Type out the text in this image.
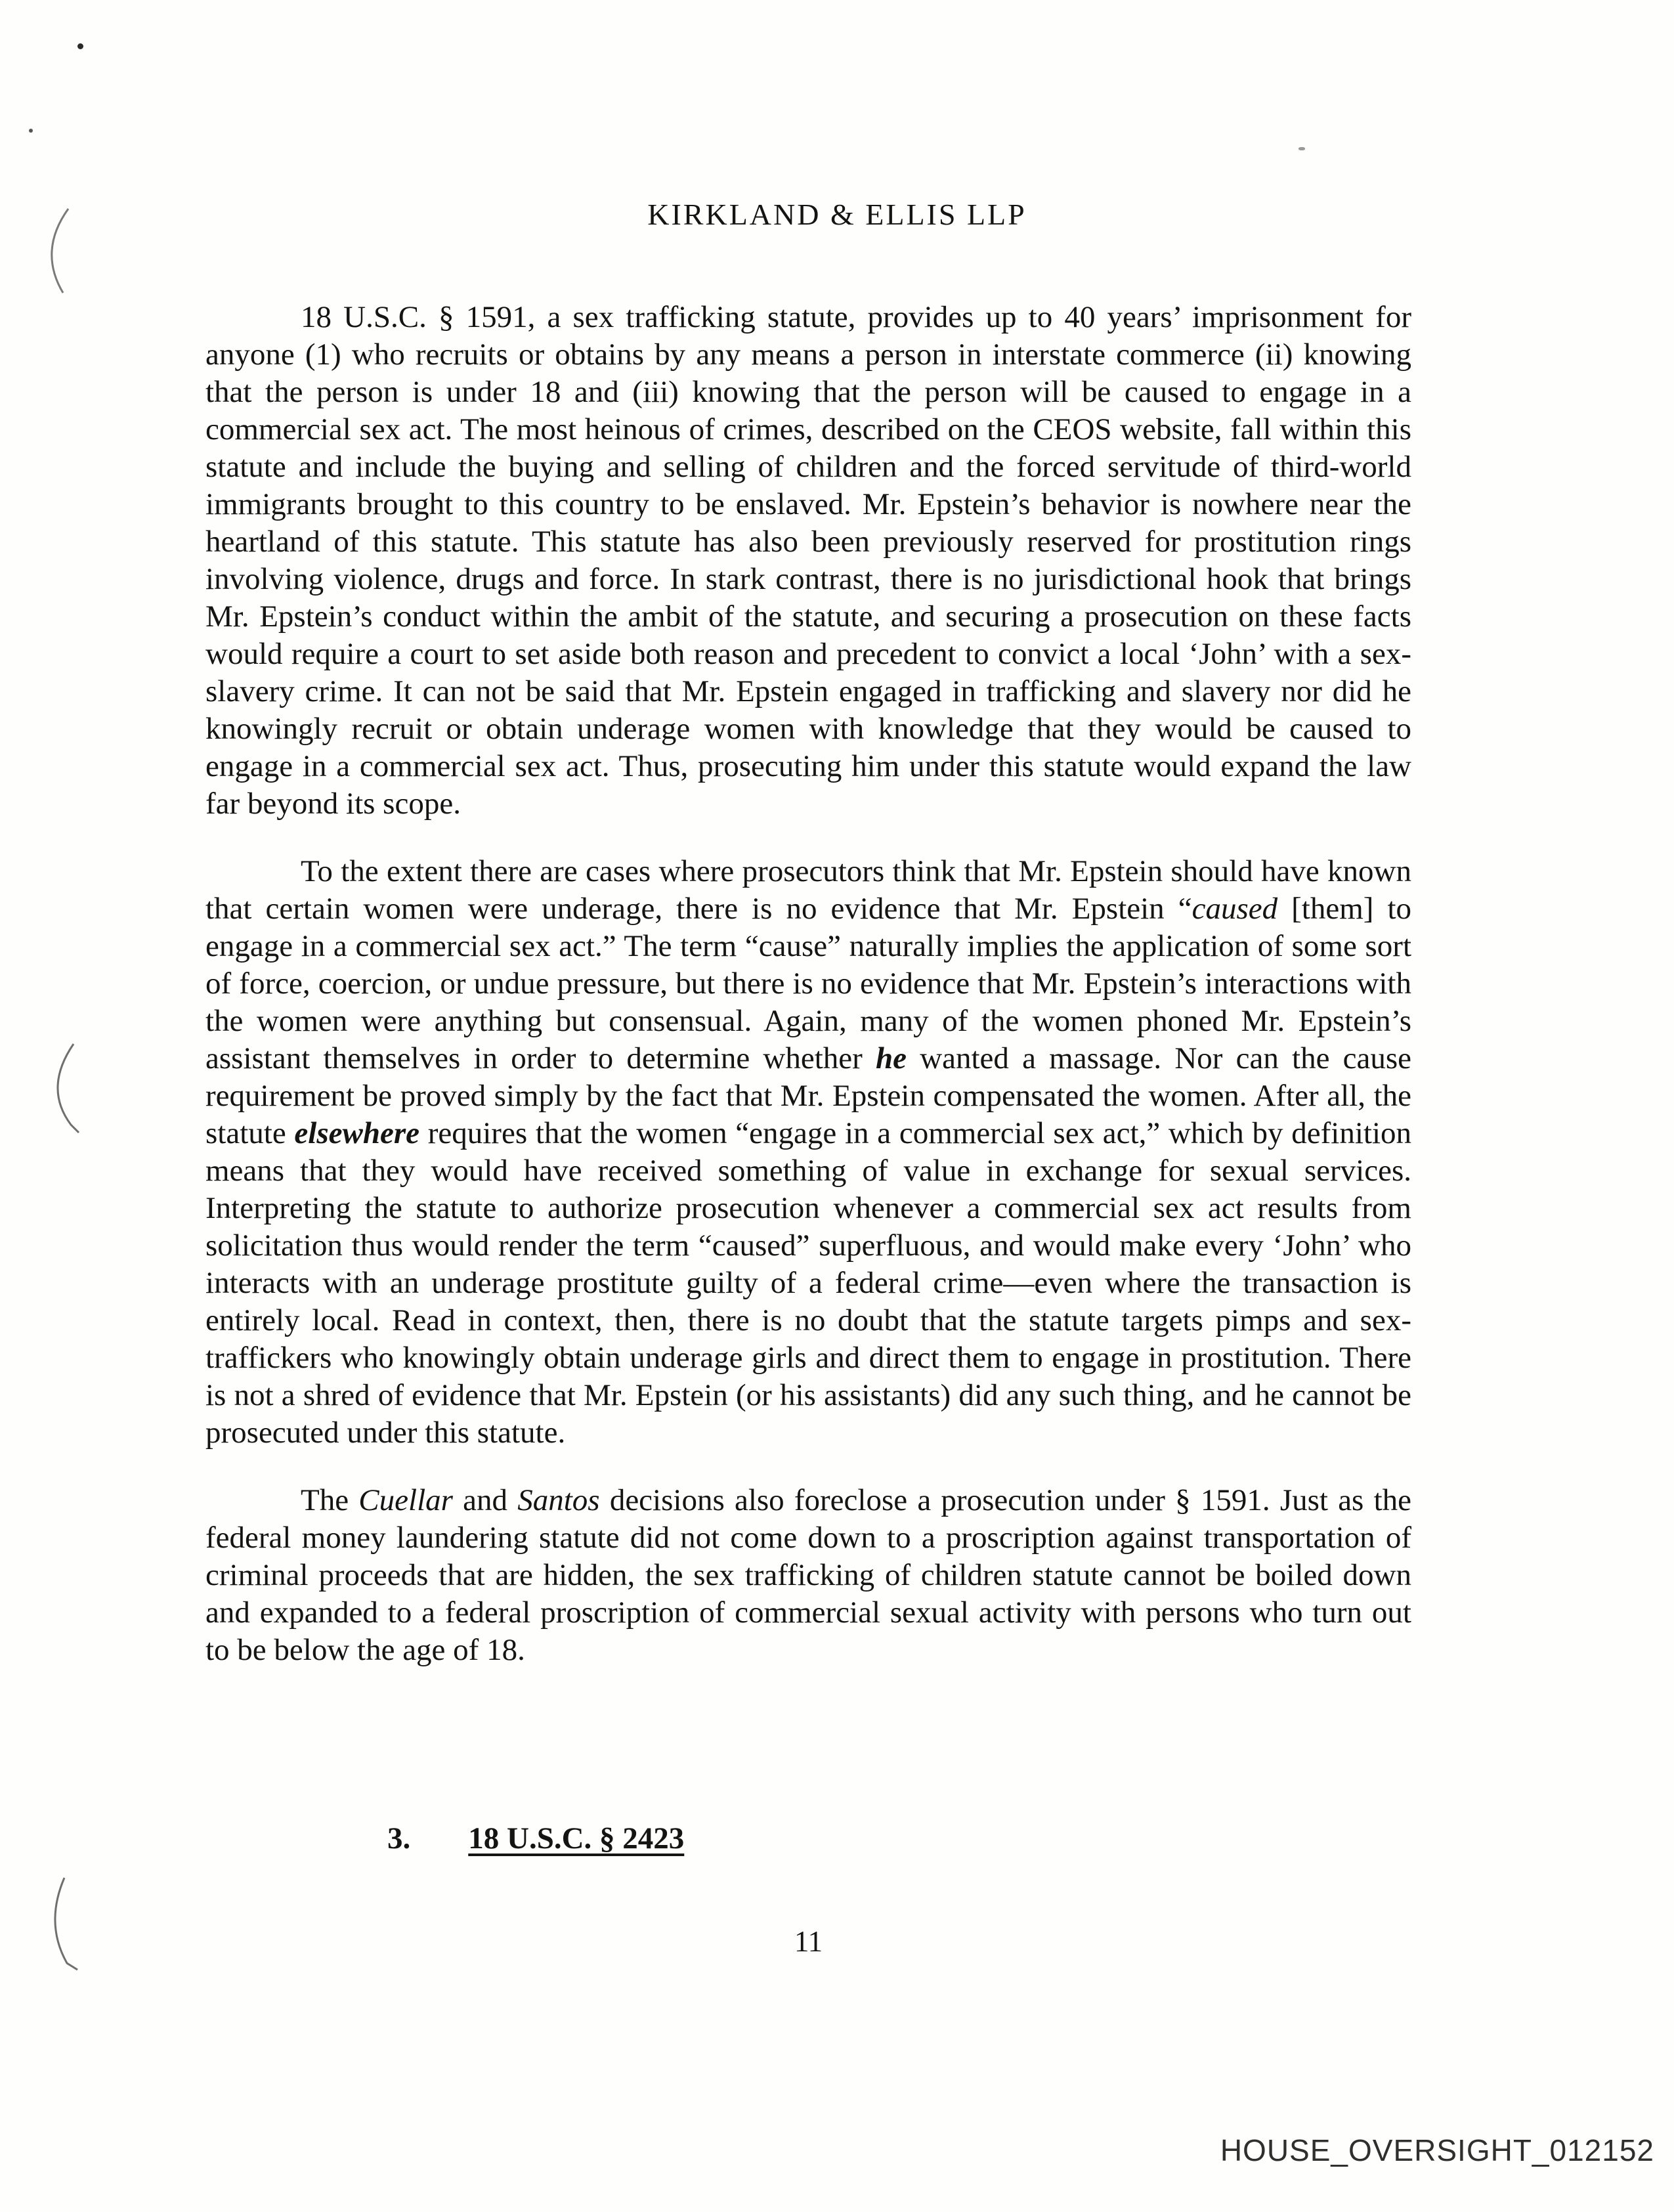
KIRKLAND & ELLIS LLP

18 U.S.C. § 1591, a sex trafficking statute, provides up to 40 years’ imprisonment for anyone (1) who recruits or obtains by any means a person in interstate commerce (ii) knowing that the person is under 18 and (iii) knowing that the person will be caused to engage in a commercial sex act. The most heinous of crimes, described on the CEOS website, fall within this statute and include the buying and selling of children and the forced servitude of third-world immigrants brought to this country to be enslaved. Mr. Epstein’s behavior is nowhere near the heartland of this statute. This statute has also been previously reserved for prostitution rings involving violence, drugs and force. In stark contrast, there is no jurisdictional hook that brings Mr. Epstein’s conduct within the ambit of the statute, and securing a prosecution on these facts would require a court to set aside both reason and precedent to convict a local ‘John’ with a sex-slavery crime. It can not be said that Mr. Epstein engaged in trafficking and slavery nor did he knowingly recruit or obtain underage women with knowledge that they would be caused to engage in a commercial sex act. Thus, prosecuting him under this statute would expand the law far beyond its scope.

To the extent there are cases where prosecutors think that Mr. Epstein should have known that certain women were underage, there is no evidence that Mr. Epstein “caused [them] to engage in a commercial sex act.” The term “cause” naturally implies the application of some sort of force, coercion, or undue pressure, but there is no evidence that Mr. Epstein’s interactions with the women were anything but consensual. Again, many of the women phoned Mr. Epstein’s assistant themselves in order to determine whether he wanted a massage. Nor can the cause requirement be proved simply by the fact that Mr. Epstein compensated the women. After all, the statute elsewhere requires that the women “engage in a commercial sex act,” which by definition means that they would have received something of value in exchange for sexual services. Interpreting the statute to authorize prosecution whenever a commercial sex act results from solicitation thus would render the term “caused” superfluous, and would make every ‘John’ who interacts with an underage prostitute guilty of a federal crime—even where the transaction is entirely local. Read in context, then, there is no doubt that the statute targets pimps and sex-traffickers who knowingly obtain underage girls and direct them to engage in prostitution. There is not a shred of evidence that Mr. Epstein (or his assistants) did any such thing, and he cannot be prosecuted under this statute.

The Cuellar and Santos decisions also foreclose a prosecution under § 1591. Just as the federal money laundering statute did not come down to a proscription against transportation of criminal proceeds that are hidden, the sex trafficking of children statute cannot be boiled down and expanded to a federal proscription of commercial sexual activity with persons who turn out to be below the age of 18.

3. 18 U.S.C. § 2423
11
HOUSE_OVERSIGHT_012152
